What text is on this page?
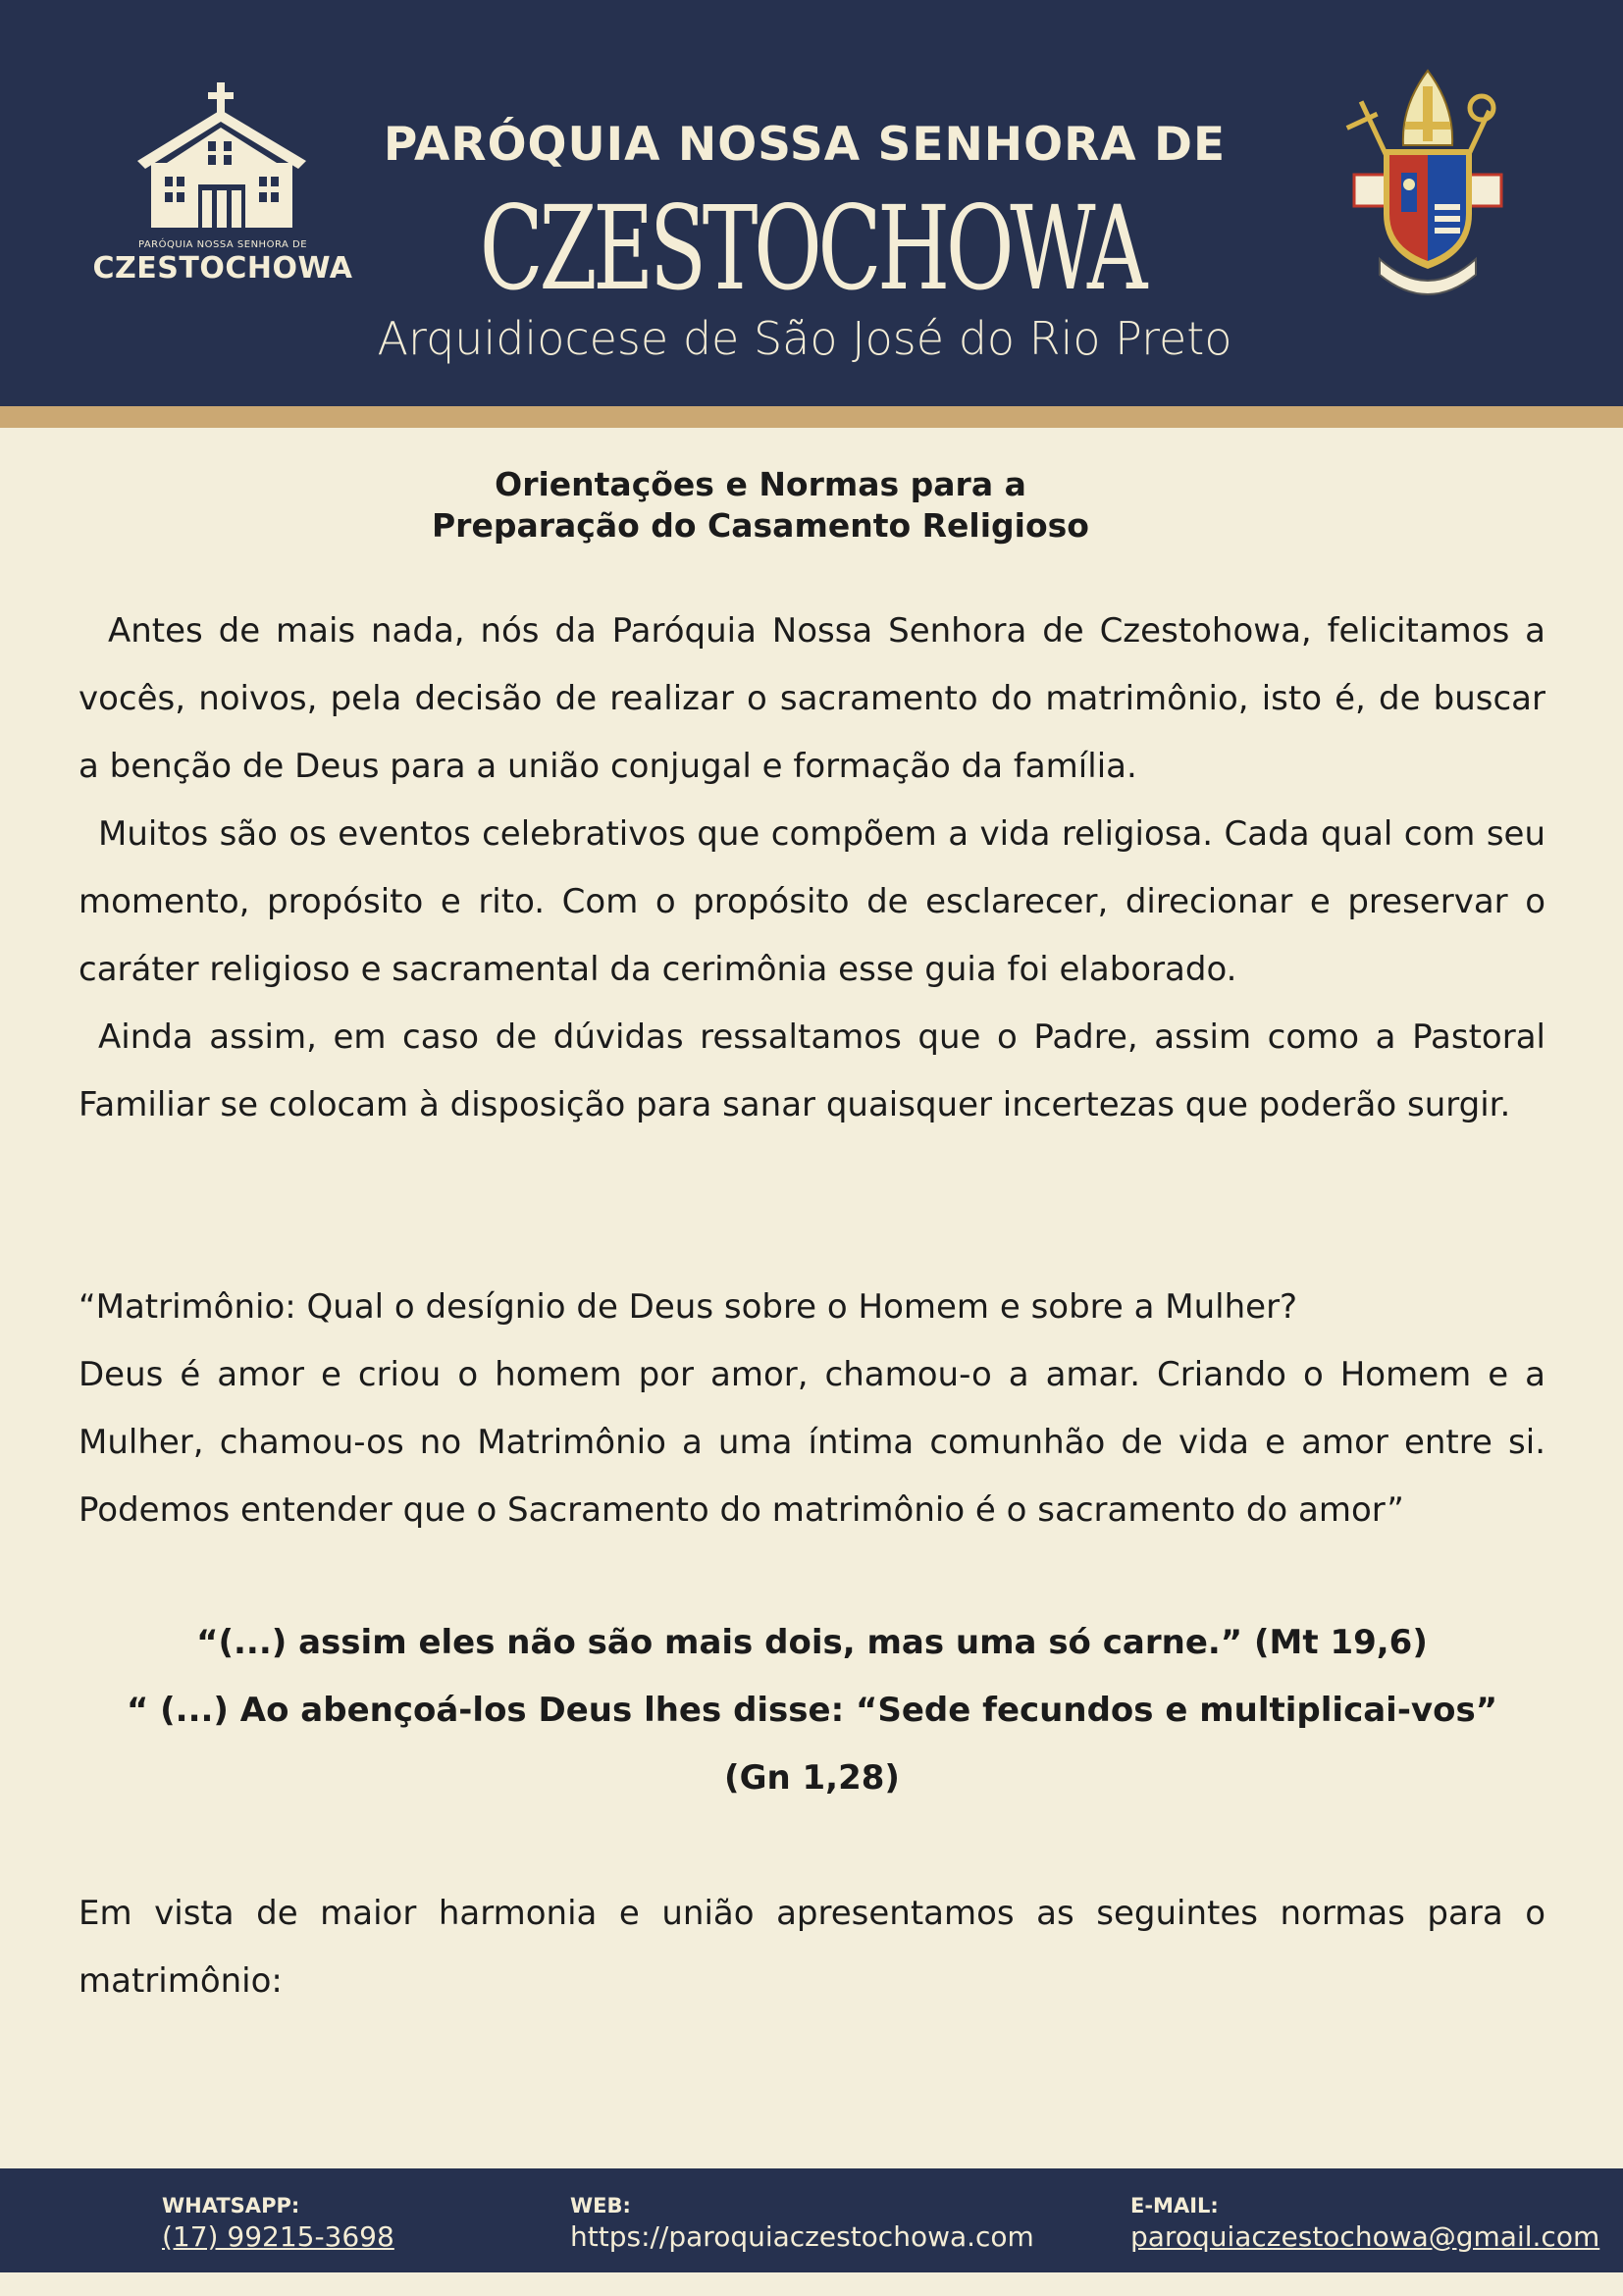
PARÓQUIA NOSSA SENHORA DE
CZESTOCHOWA
PARÓQUIA NOSSA SENHORA DE
CZESTOCHOWA
Arquidiocese de São José do Rio Preto
Orientações e Normas para a
Preparação do Casamento Religioso

Antes de mais nada, nós da Paróquia Nossa Senhora de Czestohowa, felicitamos a vocês, noivos, pela decisão de realizar o sacramento do matrimônio, isto é, de buscar a benção de Deus para a união conjugal e formação da família.

Muitos são os eventos celebrativos que compõem a vida religiosa. Cada qual com seu momento, propósito e rito. Com o propósito de esclarecer, direcionar e preservar o caráter religioso e sacramental da cerimônia esse guia foi elaborado.

Ainda assim, em caso de dúvidas ressaltamos que o Padre, assim como a Pastoral Familiar se colocam à disposição para sanar quaisquer incertezas que poderão surgir.

“Matrimônio: Qual o desígnio de Deus sobre o Homem e sobre a Mulher?

Deus é amor e criou o homem por amor, chamou-o a amar. Criando o Homem e a Mulher, chamou-os no Matrimônio a uma íntima comunhão de vida e amor entre si. Podemos entender que o Sacramento do matrimônio é o sacramento do amor”

“(...) assim eles não são mais dois, mas uma só carne.” (Mt 19,6)
“ (...) Ao abençoá-los Deus lhes disse: “Sede fecundos e multiplicai-vos” (Gn 1,28)

Em vista de maior harmonia e união apresentamos as seguintes normas para o matrimônio:

WHATSAPP:
(17) 99215-3698
WEB:
https://paroquiaczestochowa.com
E-MAIL:
paroquiaczestochowa@gmail.com
